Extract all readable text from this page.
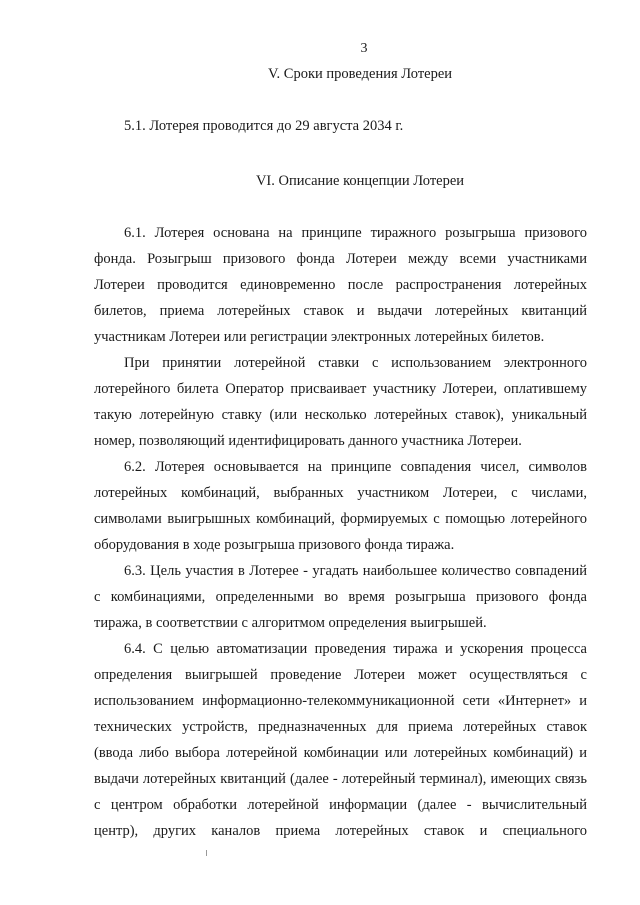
3
V. Сроки проведения Лотереи
5.1. Лотерея проводится до 29 августа 2034 г.
VI. Описание концепции Лотереи

6.1. Лотерея основана на принципе тиражного розыгрыша призового фонда. Розыгрыш призового фонда Лотереи между всеми участниками Лотереи проводится единовременно после распространения лотерейных билетов, приема лотерейных ставок и выдачи лотерейных квитанций участникам Лотереи или регистрации электронных лотерейных билетов.

При принятии лотерейной ставки с использованием электронного лотерейного билета Оператор присваивает участнику Лотереи, оплатившему такую лотерейную ставку (или несколько лотерейных ставок), уникальный номер, позволяющий идентифицировать данного участника Лотереи.

6.2. Лотерея основывается на принципе совпадения чисел, символов лотерейных комбинаций, выбранных участником Лотереи, с числами, символами выигрышных комбинаций, формируемых с помощью лотерейного оборудования в ходе розыгрыша призового фонда тиража.

6.3. Цель участия в Лотерее - угадать наибольшее количество совпадений с комбинациями, определенными во время розыгрыша призового фонда тиража, в соответствии с алгоритмом определения выигрышей.

6.4. С целью автоматизации проведения тиража и ускорения процесса определения выигрышей проведение Лотереи может осуществляться с использованием информационно-телекоммуникационной сети «Интернет» и технических устройств, предназначенных для приема лотерейных ставок (ввода либо выбора лотерейной комбинации или лотерейных комбинаций) и выдачи лотерейных квитанций (далее - лотерейный терминал), имеющих связь с центром обработки лотерейной информации (далее - вычислительный центр), других каналов приема лотерейных ставок и специального
